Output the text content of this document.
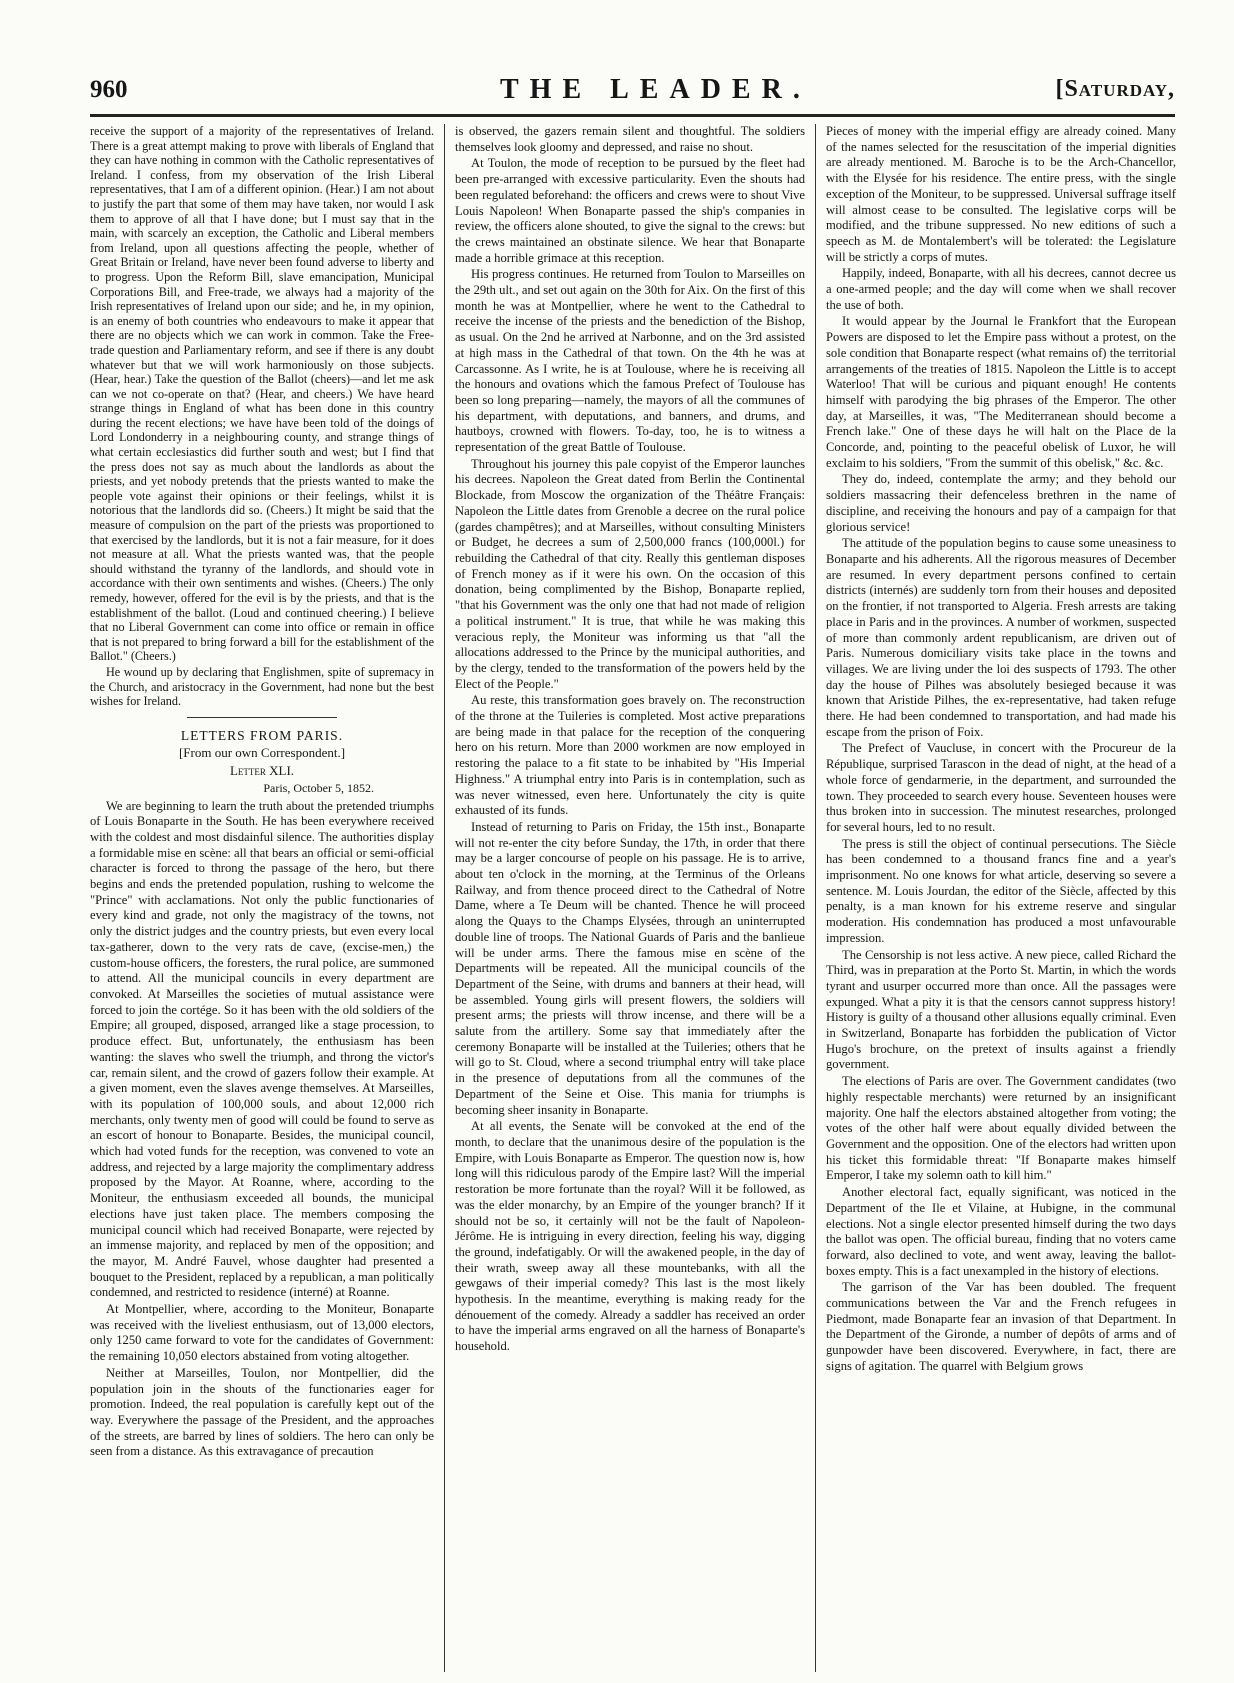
960	THE LEADER.	[Saturday,

receive the support of a majority of the representatives of Ireland. There is a great attempt making to prove with liberals of England that they can have nothing in common with the Catholic representatives of Ireland. I confess, from my observation of the Irish Liberal representatives, that I am of a different opinion. (Hear.) I am not about to justify the part that some of them may have taken, nor would I ask them to approve of all that I have done; but I must say that in the main, with scarcely an exception, the Catholic and Liberal members from Ireland, upon all questions affecting the people, whether of Great Britain or Ireland, have never been found adverse to liberty and to progress. Upon the Reform Bill, slave emancipation, Municipal Corporations Bill, and Free-trade, we always had a majority of the Irish representatives of Ireland upon our side; and he, in my opinion, is an enemy of both countries who endeavours to make it appear that there are no objects which we can work in common. Take the Free-trade question and Parliamentary reform, and see if there is any doubt whatever but that we will work harmoniously on those subjects. (Hear, hear.) Take the question of the Ballot (cheers)—and let me ask can we not co-operate on that? (Hear, and cheers.) We have heard strange things in England of what has been done in this country during the recent elections; we have have been told of the doings of Lord Londonderry in a neighbouring county, and strange things of what certain ecclesiastics did further south and west; but I find that the press does not say as much about the landlords as about the priests, and yet nobody pretends that the priests wanted to make the people vote against their opinions or their feelings, whilst it is notorious that the landlords did so. (Cheers.) It might be said that the measure of compulsion on the part of the priests was proportioned to that exercised by the landlords, but it is not a fair measure, for it does not measure at all. What the priests wanted was, that the people should withstand the tyranny of the landlords, and should vote in accordance with their own sentiments and wishes. (Cheers.) The only remedy, however, offered for the evil is by the priests, and that is the establishment of the ballot. (Loud and continued cheering.) I believe that no Liberal Government can come into office or remain in office that is not prepared to bring forward a bill for the establishment of the Ballot." (Cheers.)

He wound up by declaring that Englishmen, spite of supremacy in the Church, and aristocracy in the Government, had none but the best wishes for Ireland.

LETTERS FROM PARIS.
[From our own Correspondent.]
Letter XLI.
Paris, October 5, 1852.

We are beginning to learn the truth about the pretended triumphs of Louis Bonaparte in the South. He has been everywhere received with the coldest and most disdainful silence. The authorities display a formidable mise en scène: all that bears an official or semi-official character is forced to throng the passage of the hero, but there begins and ends the pretended population, rushing to welcome the "Prince" with acclamations. Not only the public functionaries of every kind and grade, not only the magistracy of the towns, not only the district judges and the country priests, but even every local tax-gatherer, down to the very rats de cave, (excise-men,) the custom-house officers, the foresters, the rural police, are summoned to attend. All the municipal councils in every department are convoked. At Marseilles the societies of mutual assistance were forced to join the cortége. So it has been with the old soldiers of the Empire; all grouped, disposed, arranged like a stage procession, to produce effect. But, unfortunately, the enthusiasm has been wanting: the slaves who swell the triumph, and throng the victor's car, remain silent, and the crowd of gazers follow their example. At a given moment, even the slaves avenge themselves. At Marseilles, with its population of 100,000 souls, and about 12,000 rich merchants, only twenty men of good will could be found to serve as an escort of honour to Bonaparte. Besides, the municipal council, which had voted funds for the reception, was convened to vote an address, and rejected by a large majority the complimentary address proposed by the Mayor. At Roanne, where, according to the Moniteur, the enthusiasm exceeded all bounds, the municipal elections have just taken place. The members composing the municipal council which had received Bonaparte, were rejected by an immense majority, and replaced by men of the opposition; and the mayor, M. André Fauvel, whose daughter had presented a bouquet to the President, replaced by a republican, a man politically condemned, and restricted to residence (interné) at Roanne.

At Montpellier, where, according to the Moniteur, Bonaparte was received with the liveliest enthusiasm, out of 13,000 electors, only 1250 came forward to vote for the candidates of Government: the remaining 10,050 electors abstained from voting altogether.

Neither at Marseilles, Toulon, nor Montpellier, did the population join in the shouts of the functionaries eager for promotion. Indeed, the real population is carefully kept out of the way. Everywhere the passage of the President, and the approaches of the streets, are barred by lines of soldiers. The hero can only be seen from a distance. As this extravagance of precaution

is observed, the gazers remain silent and thoughtful. The soldiers themselves look gloomy and depressed, and raise no shout.

At Toulon, the mode of reception to be pursued by the fleet had been pre-arranged with excessive particularity. Even the shouts had been regulated beforehand: the officers and crews were to shout Vive Louis Napoleon! When Bonaparte passed the ship's companies in review, the officers alone shouted, to give the signal to the crews: but the crews maintained an obstinate silence. We hear that Bonaparte made a horrible grimace at this reception.

His progress continues. He returned from Toulon to Marseilles on the 29th ult., and set out again on the 30th for Aix. On the first of this month he was at Montpellier, where he went to the Cathedral to receive the incense of the priests and the benediction of the Bishop, as usual. On the 2nd he arrived at Narbonne, and on the 3rd assisted at high mass in the Cathedral of that town. On the 4th he was at Carcassonne. As I write, he is at Toulouse, where he is receiving all the honours and ovations which the famous Prefect of Toulouse has been so long preparing—namely, the mayors of all the communes of his department, with deputations, and banners, and drums, and hautboys, crowned with flowers. To-day, too, he is to witness a representation of the great Battle of Toulouse.

Throughout his journey this pale copyist of the Emperor launches his decrees. Napoleon the Great dated from Berlin the Continental Blockade, from Moscow the organization of the Théâtre Français: Napoleon the Little dates from Grenoble a decree on the rural police (gardes champêtres); and at Marseilles, without consulting Ministers or Budget, he decrees a sum of 2,500,000 francs (100,000l.) for rebuilding the Cathedral of that city. Really this gentleman disposes of French money as if it were his own. On the occasion of this donation, being complimented by the Bishop, Bonaparte replied, "that his Government was the only one that had not made of religion a political instrument." It is true, that while he was making this veracious reply, the Moniteur was informing us that "all the allocations addressed to the Prince by the municipal authorities, and by the clergy, tended to the transformation of the powers held by the Elect of the People."

Au reste, this transformation goes bravely on. The reconstruction of the throne at the Tuileries is completed. Most active preparations are being made in that palace for the reception of the conquering hero on his return. More than 2000 workmen are now employed in restoring the palace to a fit state to be inhabited by "His Imperial Highness." A triumphal entry into Paris is in contemplation, such as was never witnessed, even here. Unfortunately the city is quite exhausted of its funds.

Instead of returning to Paris on Friday, the 15th inst., Bonaparte will not re-enter the city before Sunday, the 17th, in order that there may be a larger concourse of people on his passage. He is to arrive, about ten o'clock in the morning, at the Terminus of the Orleans Railway, and from thence proceed direct to the Cathedral of Notre Dame, where a Te Deum will be chanted. Thence he will proceed along the Quays to the Champs Elysées, through an uninterrupted double line of troops. The National Guards of Paris and the banlieue will be under arms. There the famous mise en scène of the Departments will be repeated. All the municipal councils of the Department of the Seine, with drums and banners at their head, will be assembled. Young girls will present flowers, the soldiers will present arms; the priests will throw incense, and there will be a salute from the artillery. Some say that immediately after the ceremony Bonaparte will be installed at the Tuileries; others that he will go to St. Cloud, where a second triumphal entry will take place in the presence of deputations from all the communes of the Department of the Seine et Oise. This mania for triumphs is becoming sheer insanity in Bonaparte.

At all events, the Senate will be convoked at the end of the month, to declare that the unanimous desire of the population is the Empire, with Louis Bonaparte as Emperor. The question now is, how long will this ridiculous parody of the Empire last? Will the imperial restoration be more fortunate than the royal? Will it be followed, as was the elder monarchy, by an Empire of the younger branch? If it should not be so, it certainly will not be the fault of Napoleon-Jérôme. He is intriguing in every direction, feeling his way, digging the ground, indefatigably. Or will the awakened people, in the day of their wrath, sweep away all these mountebanks, with all the gewgaws of their imperial comedy? This last is the most likely hypothesis. In the meantime, everything is making ready for the dénouement of the comedy. Already a saddler has received an order to have the imperial arms engraved on all the harness of Bonaparte's household.

Pieces of money with the imperial effigy are already coined. Many of the names selected for the resuscitation of the imperial dignities are already mentioned. M. Baroche is to be the Arch-Chancellor, with the Elysée for his residence. The entire press, with the single exception of the Moniteur, to be suppressed. Universal suffrage itself will almost cease to be consulted. The legislative corps will be modified, and the tribune suppressed. No new editions of such a speech as M. de Montalembert's will be tolerated: the Legislature will be strictly a corps of mutes.

Happily, indeed, Bonaparte, with all his decrees, cannot decree us a one-armed people; and the day will come when we shall recover the use of both.

It would appear by the Journal le Frankfort that the European Powers are disposed to let the Empire pass without a protest, on the sole condition that Bonaparte respect (what remains of) the territorial arrangements of the treaties of 1815. Napoleon the Little is to accept Waterloo! That will be curious and piquant enough! He contents himself with parodying the big phrases of the Emperor. The other day, at Marseilles, it was, "The Mediterranean should become a French lake." One of these days he will halt on the Place de la Concorde, and, pointing to the peaceful obelisk of Luxor, he will exclaim to his soldiers, "From the summit of this obelisk," &c. &c.

They do, indeed, contemplate the army; and they behold our soldiers massacring their defenceless brethren in the name of discipline, and receiving the honours and pay of a campaign for that glorious service!

The attitude of the population begins to cause some uneasiness to Bonaparte and his adherents. All the rigorous measures of December are resumed. In every department persons confined to certain districts (internés) are suddenly torn from their houses and deposited on the frontier, if not transported to Algeria. Fresh arrests are taking place in Paris and in the provinces. A number of workmen, suspected of more than commonly ardent republicanism, are driven out of Paris. Numerous domiciliary visits take place in the towns and villages. We are living under the loi des suspects of 1793. The other day the house of Pilhes was absolutely besieged because it was known that Aristide Pilhes, the ex-representative, had taken refuge there. He had been condemned to transportation, and had made his escape from the prison of Foix.

The Prefect of Vaucluse, in concert with the Procureur de la République, surprised Tarascon in the dead of night, at the head of a whole force of gendarmerie, in the department, and surrounded the town. They proceeded to search every house. Seventeen houses were thus broken into in succession. The minutest researches, prolonged for several hours, led to no result.

The press is still the object of continual persecutions. The Siècle has been condemned to a thousand francs fine and a year's imprisonment. No one knows for what article, deserving so severe a sentence. M. Louis Jourdan, the editor of the Siècle, affected by this penalty, is a man known for his extreme reserve and singular moderation. His condemnation has produced a most unfavourable impression.

The Censorship is not less active. A new piece, called Richard the Third, was in preparation at the Porto St. Martin, in which the words tyrant and usurper occurred more than once. All the passages were expunged. What a pity it is that the censors cannot suppress history! History is guilty of a thousand other allusions equally criminal. Even in Switzerland, Bonaparte has forbidden the publication of Victor Hugo's brochure, on the pretext of insults against a friendly government.

The elections of Paris are over. The Government candidates (two highly respectable merchants) were returned by an insignificant majority. One half the electors abstained altogether from voting; the votes of the other half were about equally divided between the Government and the opposition. One of the electors had written upon his ticket this formidable threat: "If Bonaparte makes himself Emperor, I take my solemn oath to kill him."

Another electoral fact, equally significant, was noticed in the Department of the Ile et Vilaine, at Hubigne, in the communal elections. Not a single elector presented himself during the two days the ballot was open. The official bureau, finding that no voters came forward, also declined to vote, and went away, leaving the ballot-boxes empty. This is a fact unexampled in the history of elections.

The garrison of the Var has been doubled. The frequent communications between the Var and the French refugees in Piedmont, made Bonaparte fear an invasion of that Department. In the Department of the Gironde, a number of depôts of arms and of gunpowder have been discovered. Everywhere, in fact, there are signs of agitation. The quarrel with Belgium grows
